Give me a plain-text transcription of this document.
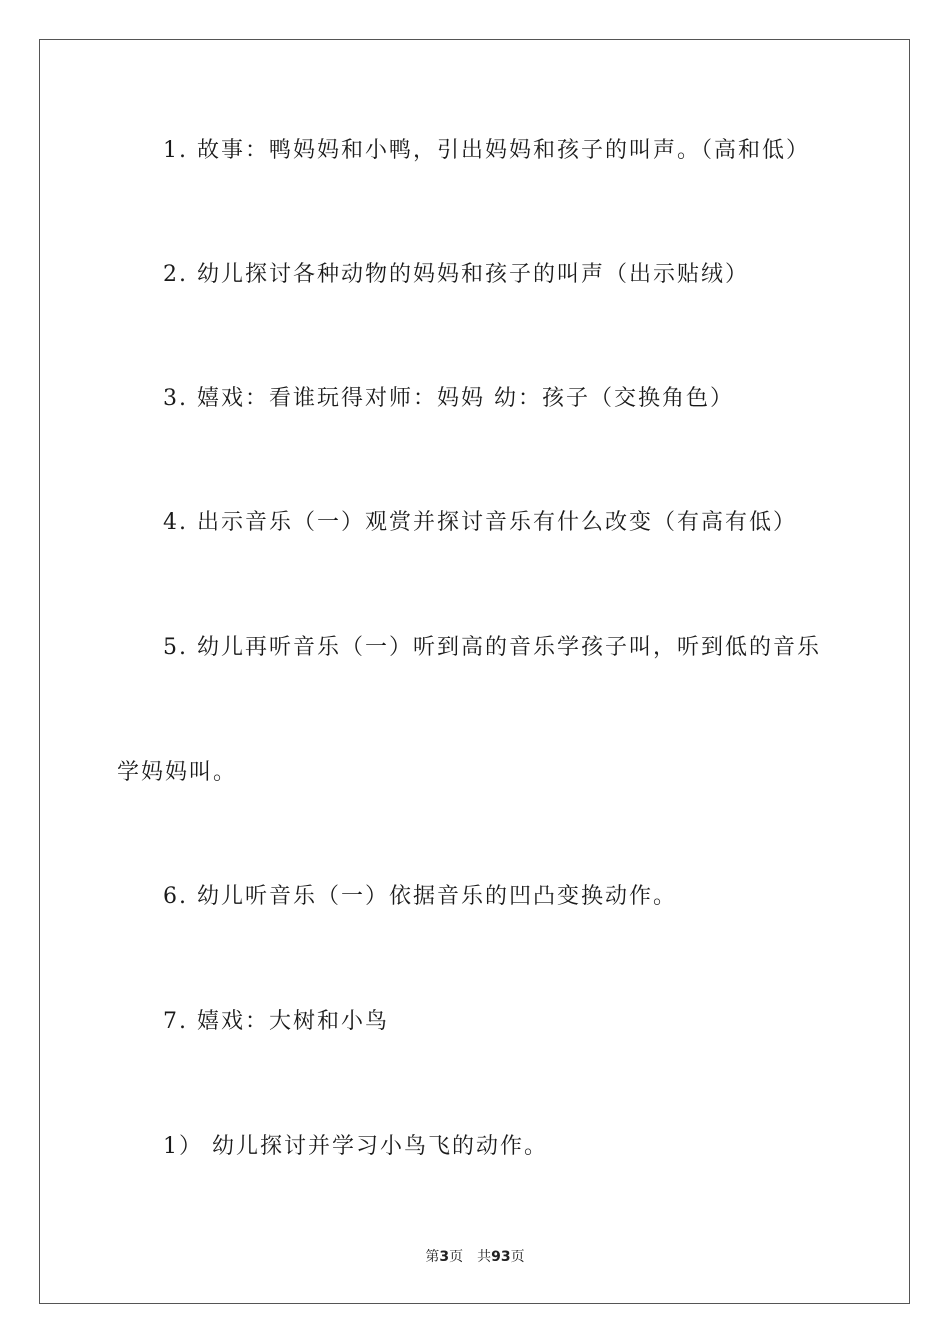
1. 故事：鸭妈妈和小鸭，引出妈妈和孩子的叫声。（高和低）
2. 幼儿探讨各种动物的妈妈和孩子的叫声（出示贴绒）
3. 嬉戏：看谁玩得对师：妈妈 幼：孩子（交换角色）
4. 出示音乐（一）观赏并探讨音乐有什么改变（有高有低）
5. 幼儿再听音乐（一）听到高的音乐学孩子叫，听到低的音乐
学妈妈叫。
6. 幼儿听音乐（一）依据音乐的凹凸变换动作。
7. 嬉戏：大树和小鸟
1） 幼儿探讨并学习小鸟飞的动作。
第3页 共93页
